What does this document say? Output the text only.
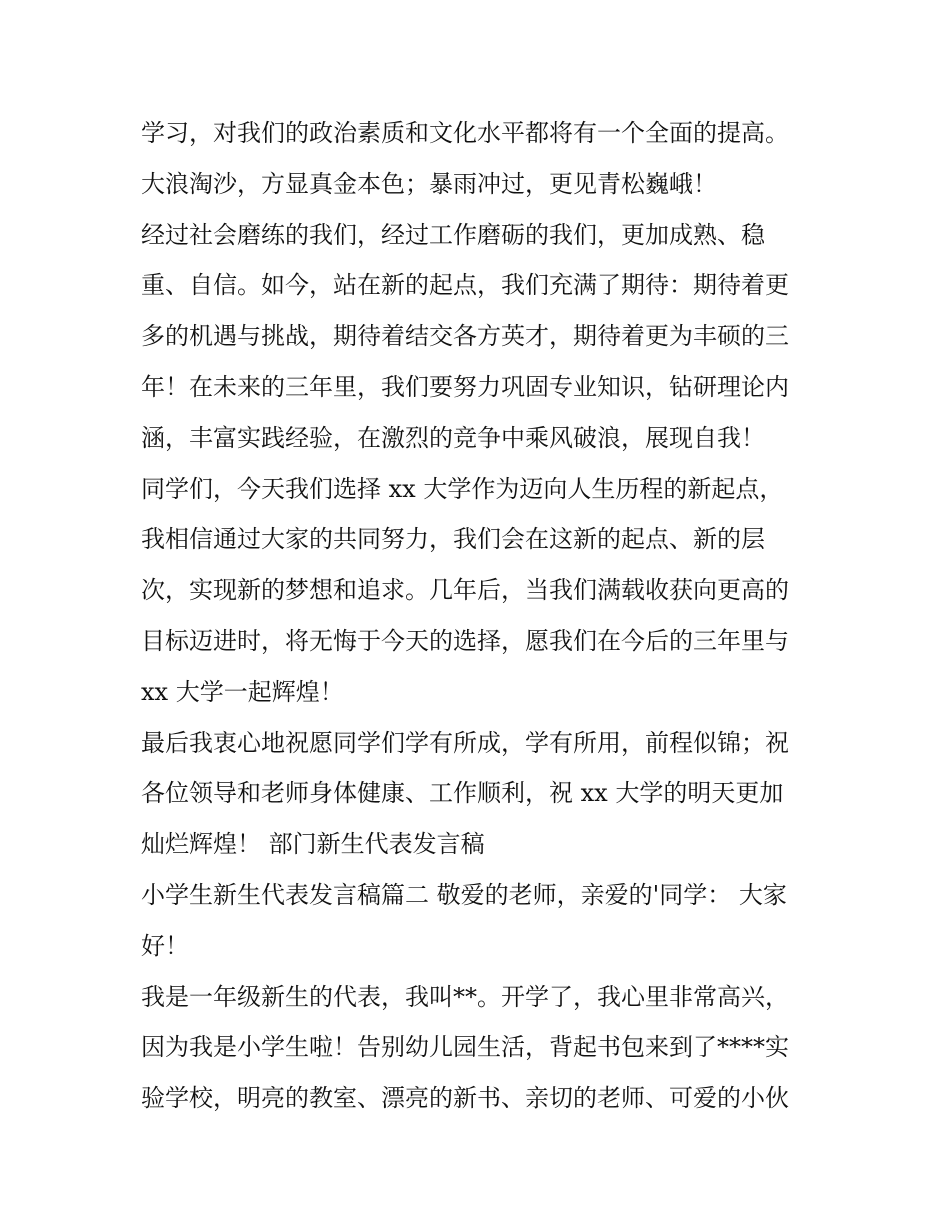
学习，对我们的政治素质和文化水平都将有一个全面的提高。
大浪淘沙，方显真金本色；暴雨冲过，更见青松巍峨！
经过社会磨练的我们，经过工作磨砺的我们，更加成熟、稳
重、自信。如今，站在新的起点，我们充满了期待：期待着更
多的机遇与挑战，期待着结交各方英才，期待着更为丰硕的三
年！在未来的三年里，我们要努力巩固专业知识，钻研理论内
涵，丰富实践经验，在激烈的竞争中乘风破浪，展现自我！
同学们，今天我们选择 xx 大学作为迈向人生历程的新起点，
我相信通过大家的共同努力，我们会在这新的起点、新的层
次，实现新的梦想和追求。几年后，当我们满载收获向更高的
目标迈进时，将无悔于今天的选择，愿我们在今后的三年里与
xx 大学一起辉煌！
最后我衷心地祝愿同学们学有所成，学有所用，前程似锦；祝
各位领导和老师身体健康、工作顺利，祝 xx 大学的明天更加
灿烂辉煌！ 部门新生代表发言稿
小学生新生代表发言稿篇二 敬爱的老师，亲爱的'同学： 大家
好！
我是一年级新生的代表，我叫**。开学了，我心里非常高兴，
因为我是小学生啦！告别幼儿园生活，背起书包来到了****实
验学校，明亮的教室、漂亮的新书、亲切的老师、可爱的小伙
